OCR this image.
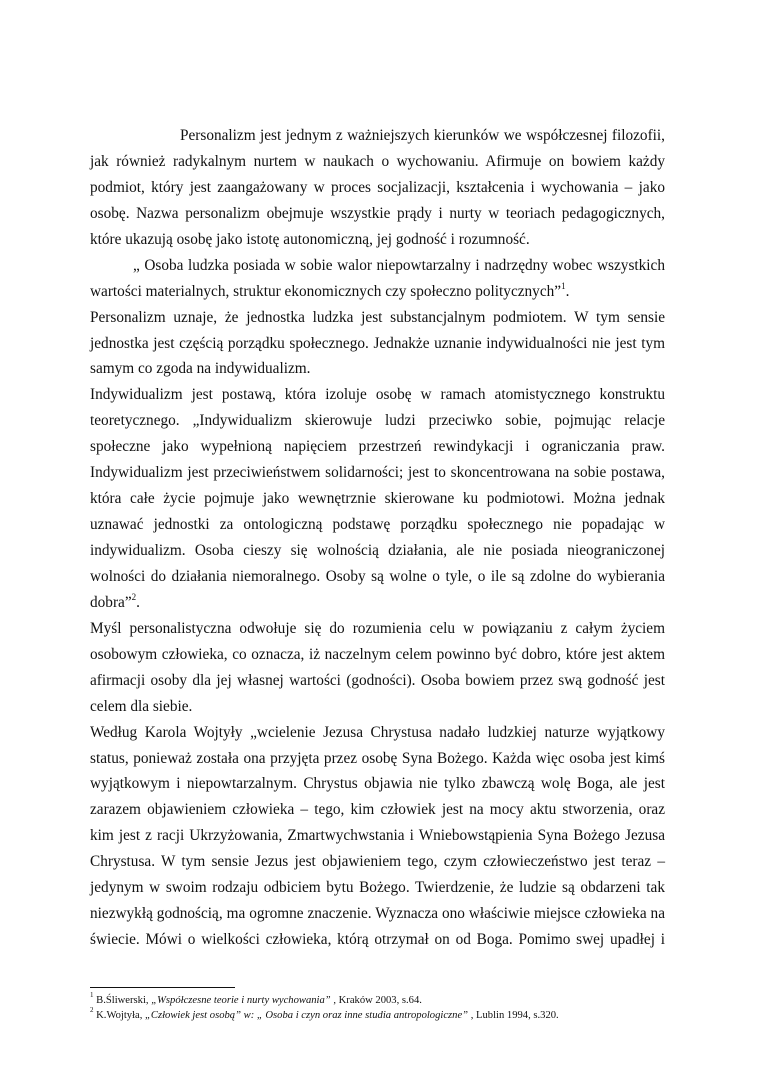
Personalizm jest jednym z ważniejszych kierunków we współczesnej filozofii,
jak również radykalnym nurtem w naukach o wychowaniu. Afirmuje on bowiem każdy
podmiot, który jest zaangażowany w proces socjalizacji, kształcenia i wychowania – jako
osobę. Nazwa personalizm obejmuje wszystkie prądy i nurty w teoriach pedagogicznych,
które ukazują osobę jako istotę autonomiczną, jej godność i rozumność.

„ Osoba ludzka posiada w sobie walor niepowtarzalny i nadrzędny wobec wszystkich
wartości materialnych, struktur ekonomicznych czy społeczno politycznych”$^1$.

Personalizm uznaje, że jednostka ludzka jest substancjalnym podmiotem. W tym sensie
jednostka jest częścią porządku społecznego. Jednakże uznanie indywidualności nie jest tym
samym co zgoda na indywidualizm.

Indywidualizm jest postawą, która izoluje osobę w ramach atomistycznego konstruktu
teoretycznego. „Indywidualizm skierowuje ludzi przeciwko sobie, pojmując relacje
społeczne jako wypełnioną napięciem przestrzeń rewindykacji i ograniczania praw.
Indywidualizm jest przeciwieństwem solidarności; jest to skoncentrowana na sobie postawa,
która całe życie pojmuje jako wewnętrznie skierowane ku podmiotowi. Można jednak
uznawać jednostki za ontologiczną podstawę porządku społecznego nie popadając w
indywidualizm. Osoba cieszy się wolnością działania, ale nie posiada nieograniczonej
wolności do działania niemoralnego. Osoby są wolne o tyle, o ile są zdolne do wybierania
dobra”$^2$.

Myśl personalistyczna odwołuje się do rozumienia celu w powiązaniu z całym życiem
osobowym człowieka, co oznacza, iż naczelnym celem powinno być dobro, które jest aktem
afirmacji osoby dla jej własnej wartości (godności). Osoba bowiem przez swą godność jest
celem dla siebie.

Według Karola Wojtyły „wcielenie Jezusa Chrystusa nadało ludzkiej naturze wyjątkowy
status, ponieważ została ona przyjęta przez osobę Syna Bożego. Każda więc osoba jest kimś
wyjątkowym i niepowtarzalnym. Chrystus objawia nie tylko zbawczą wolę Boga, ale jest
zarazem objawieniem człowieka – tego, kim człowiek jest na mocy aktu stworzenia, oraz
kim jest z racji Ukrzyżowania, Zmartwychwstania i Wniebowstąpienia Syna Bożego Jezusa
Chrystusa. W tym sensie Jezus jest objawieniem tego, czym człowieczeństwo jest teraz –
jedynym w swoim rodzaju odbiciem bytu Bożego. Twierdzenie, że ludzie są obdarzeni tak
niezwykłą godnością, ma ogromne znaczenie. Wyznacza ono właściwie miejsce człowieka na
świecie. Mówi o wielkości człowieka, którą otrzymał on od Boga. Pomimo swej upadłej i

$^1$ B.Śliwerski, „Współczesne teorie i nurty wychowania” , Kraków 2003, s.64.
$^2$ K.Wojtyła, „Człowiek jest osobą” w: „ Osoba i czyn oraz inne studia antropologiczne” , Lublin 1994, s.320.
